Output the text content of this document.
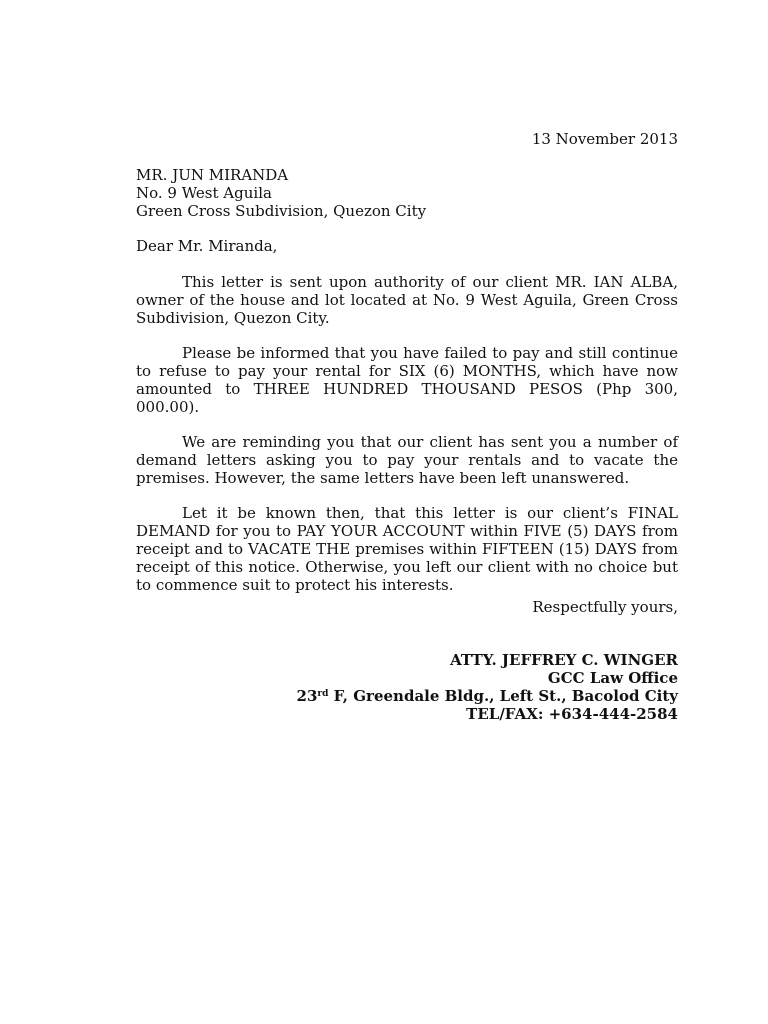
13 November 2013

MR. JUN MIRANDA
No. 9 West Aguila
Green Cross Subdivision, Quezon City

Dear Mr. Miranda,

This letter is sent upon authority of our client MR. IAN ALBA, owner of the house and lot located at No. 9 West Aguila, Green Cross Subdivision, Quezon City.

Please be informed that you have failed to pay and still continue to refuse to pay your rental for SIX (6) MONTHS, which have now amounted to THREE HUNDRED THOUSAND PESOS (Php 300, 000.00).

We are reminding you that our client has sent you a number of demand letters asking you to pay your rentals and to vacate the premises. However, the same letters have been left unanswered.

Let it be known then, that this letter is our client’s FINAL DEMAND for you to PAY YOUR ACCOUNT within FIVE (5) DAYS from receipt and to VACATE THE premises within FIFTEEN (15) DAYS from receipt of this notice. Otherwise, you left our client with no choice but to commence suit to protect his interests.

Respectfully yours,

ATTY. JEFFREY C. WINGER
GCC Law Office
23rd F, Greendale Bldg., Left St., Bacolod City
TEL/FAX: +634-444-2584
